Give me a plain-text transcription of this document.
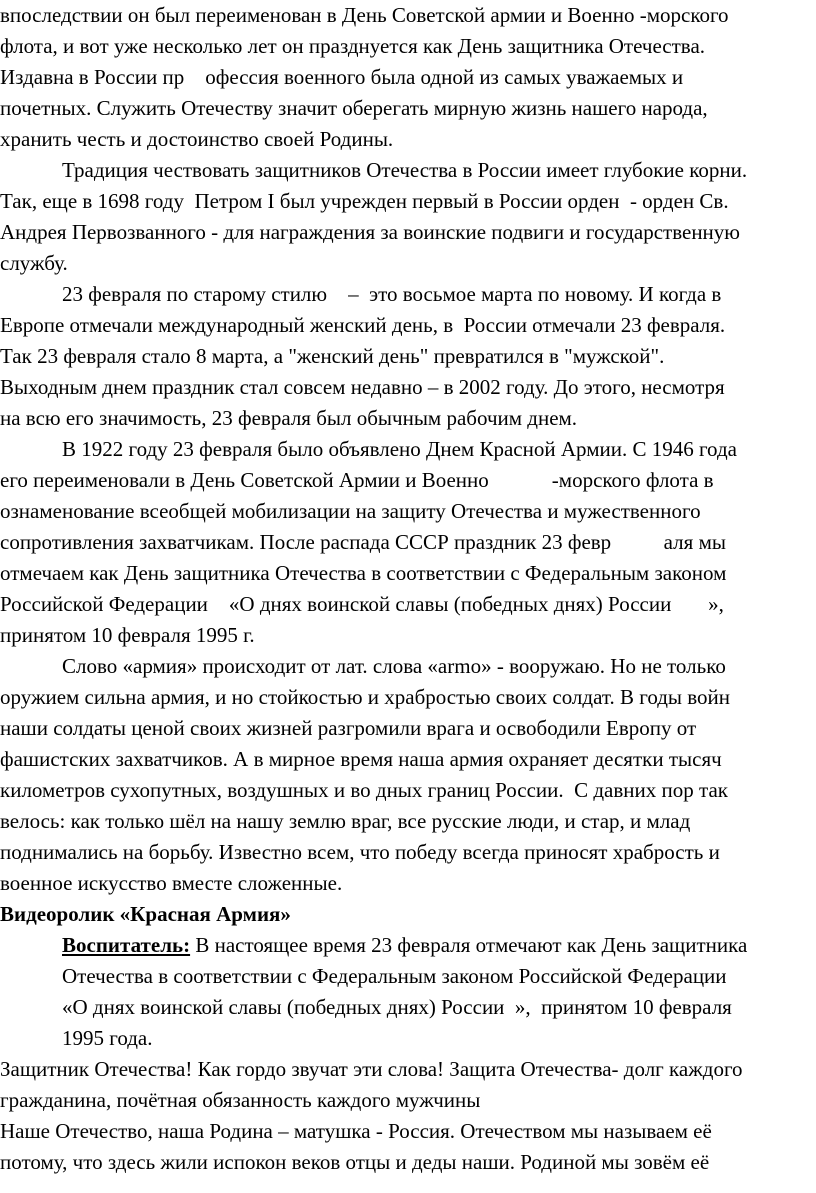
впоследствии он был переименован в День Советской армии и Военно -морского
флота, и вот уже несколько лет он празднуется как День защитника Отечества.
Издавна в России пр    офессия военного была одной из самых уважаемых и
почетных. Служить Отечеству значит оберегать мирную жизнь нашего народа,
хранить честь и достоинство своей Родины.
Традиция чествовать защитников Отечества в России имеет глубокие корни.
Так, еще в 1698 году  Петром I был учрежден первый в России орден  - орден Св.
Андрея Первозванного - для награждения за воинские подвиги и государственную
службу.
23 февраля по старому стилю    –  это восьмое марта по новому. И когда в
Европе отмечали международный женский день, в  России отмечали 23 февраля.
Так 23 февраля стало 8 марта, а "женский день" превратился в "мужской".
Выходным днем праздник стал совсем недавно – в 2002 году. До этого, несмотря
на всю его значимость, 23 февраля был обычным рабочим днем.
В 1922 году 23 февраля было объявлено Днем Красной Армии. С 1946 года
его переименовали в День Советской Армии и Военно            -морского флота в
ознаменование всеобщей мобилизации на защиту Отечества и мужественного
сопротивления захватчикам. После распада СССР праздник 23 февр          аля мы
отмечаем как День защитника Отечества в соответствии с Федеральным законом
Российской Федерации    «О днях воинской славы (победных днях) России       »,
принятом 10 февраля 1995 г.
Слово «армия» происходит от лат. слова «armo» - вооружаю. Но не только
оружием сильна армия, и но стойкостью и храбростью своих солдат. В годы войн
наши солдаты ценой своих жизней разгромили врага и освободили Европу от
фашистских захватчиков. А в мирное время наша армия охраняет десятки тысяч
километров сухопутных, воздушных и во дных границ России.  С давних пор так
велось: как только шёл на нашу землю враг, все русские люди, и стар, и млад
поднимались на борьбу. Известно всем, что победу всегда приносят храбрость и
военное искусство вместе сложенные.
Видеоролик «Красная Армия»
Воспитатель: В настоящее время 23 февраля отмечают как День защитника
Отечества в соответствии с Федеральным законом Российской Федерации
«О днях воинской славы (победных днях) России  »,  принятом 10 февраля
1995 года.
Защитник Отечества! Как гордо звучат эти слова! Защита Отечества- долг каждого
гражданина, почётная обязанность каждого мужчины
Наше Отечество, наша Родина – матушка - Россия. Отечеством мы называем её
потому, что здесь жили испокон веков отцы и деды наши. Родиной мы зовём её
